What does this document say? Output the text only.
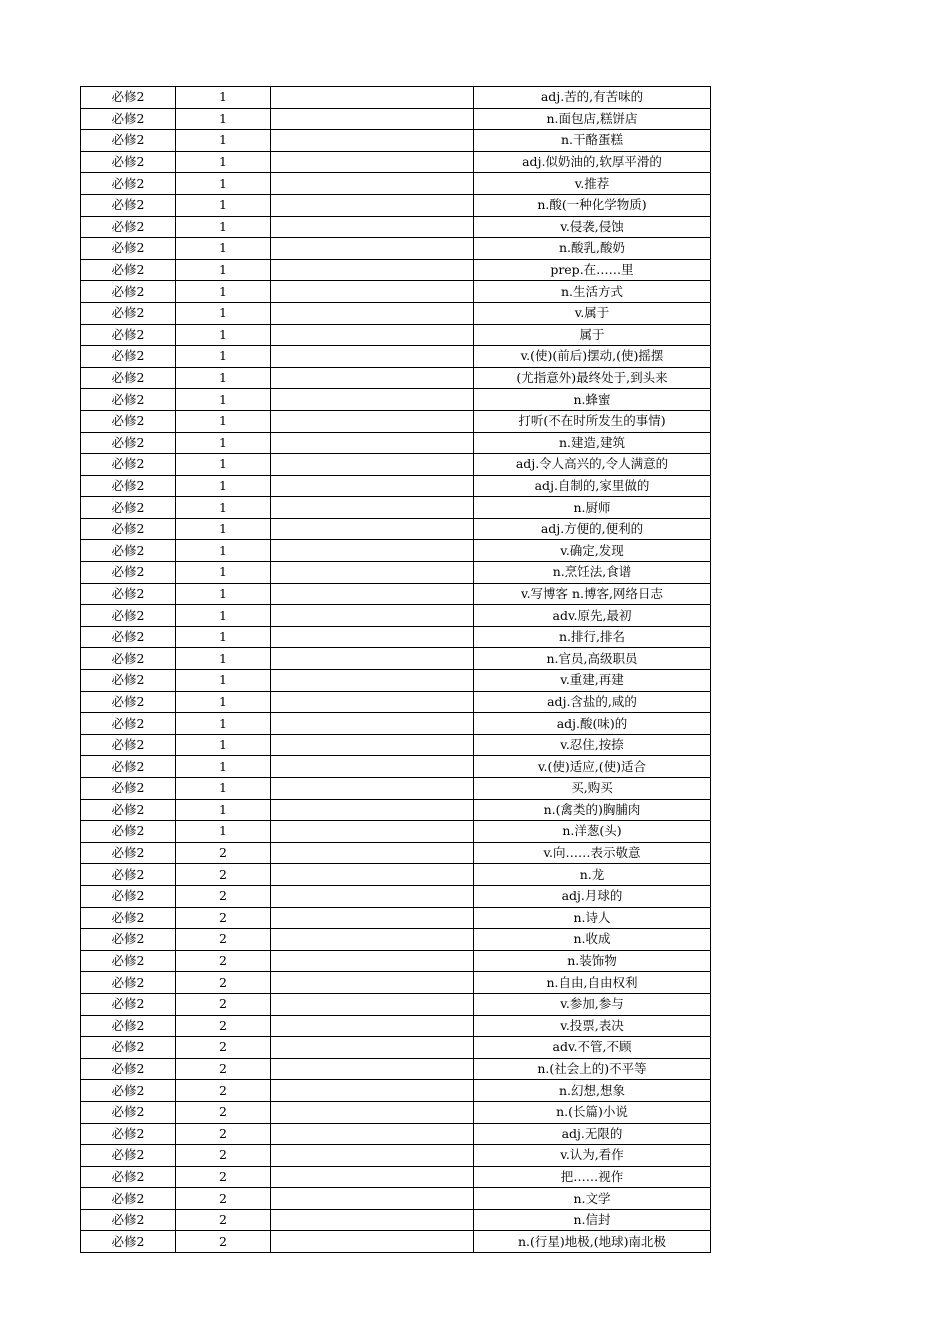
必修2	1		adj.苦的,有苦味的
必修2	1		n.面包店,糕饼店
必修2	1		n.干酪蛋糕
必修2	1		adj.似奶油的,软厚平滑的
必修2	1		v.推荐
必修2	1		n.酸(一种化学物质)
必修2	1		v.侵袭,侵蚀
必修2	1		n.酸乳,酸奶
必修2	1		prep.在……里
必修2	1		n.生活方式
必修2	1		v.属于
必修2	1		属于
必修2	1		v.(使)(前后)摆动,(使)摇摆
必修2	1		(尤指意外)最终处于,到头来
必修2	1		n.蜂蜜
必修2	1		打听(不在时所发生的事情)
必修2	1		n.建造,建筑
必修2	1		adj.令人高兴的,令人满意的
必修2	1		adj.自制的,家里做的
必修2	1		n.厨师
必修2	1		adj.方便的,便利的
必修2	1		v.确定,发现
必修2	1		n.烹饪法,食谱
必修2	1		v.写博客 n.博客,网络日志
必修2	1		adv.原先,最初
必修2	1		n.排行,排名
必修2	1		n.官员,高级职员
必修2	1		v.重建,再建
必修2	1		adj.含盐的,咸的
必修2	1		adj.酸(味)的
必修2	1		v.忍住,按捺
必修2	1		v.(使)适应,(使)适合
必修2	1		买,购买
必修2	1		n.(禽类的)胸脯肉
必修2	1		n.洋葱(头)
必修2	2		v.向……表示敬意
必修2	2		n.龙
必修2	2		adj.月球的
必修2	2		n.诗人
必修2	2		n.收成
必修2	2		n.装饰物
必修2	2		n.自由,自由权利
必修2	2		v.参加,参与
必修2	2		v.投票,表决
必修2	2		adv.不管,不顾
必修2	2		n.(社会上的)不平等
必修2	2		n.幻想,想象
必修2	2		n.(长篇)小说
必修2	2		adj.无限的
必修2	2		v.认为,看作
必修2	2		把……视作
必修2	2		n.文学
必修2	2		n.信封
必修2	2		n.(行星)地极,(地球)南北极
